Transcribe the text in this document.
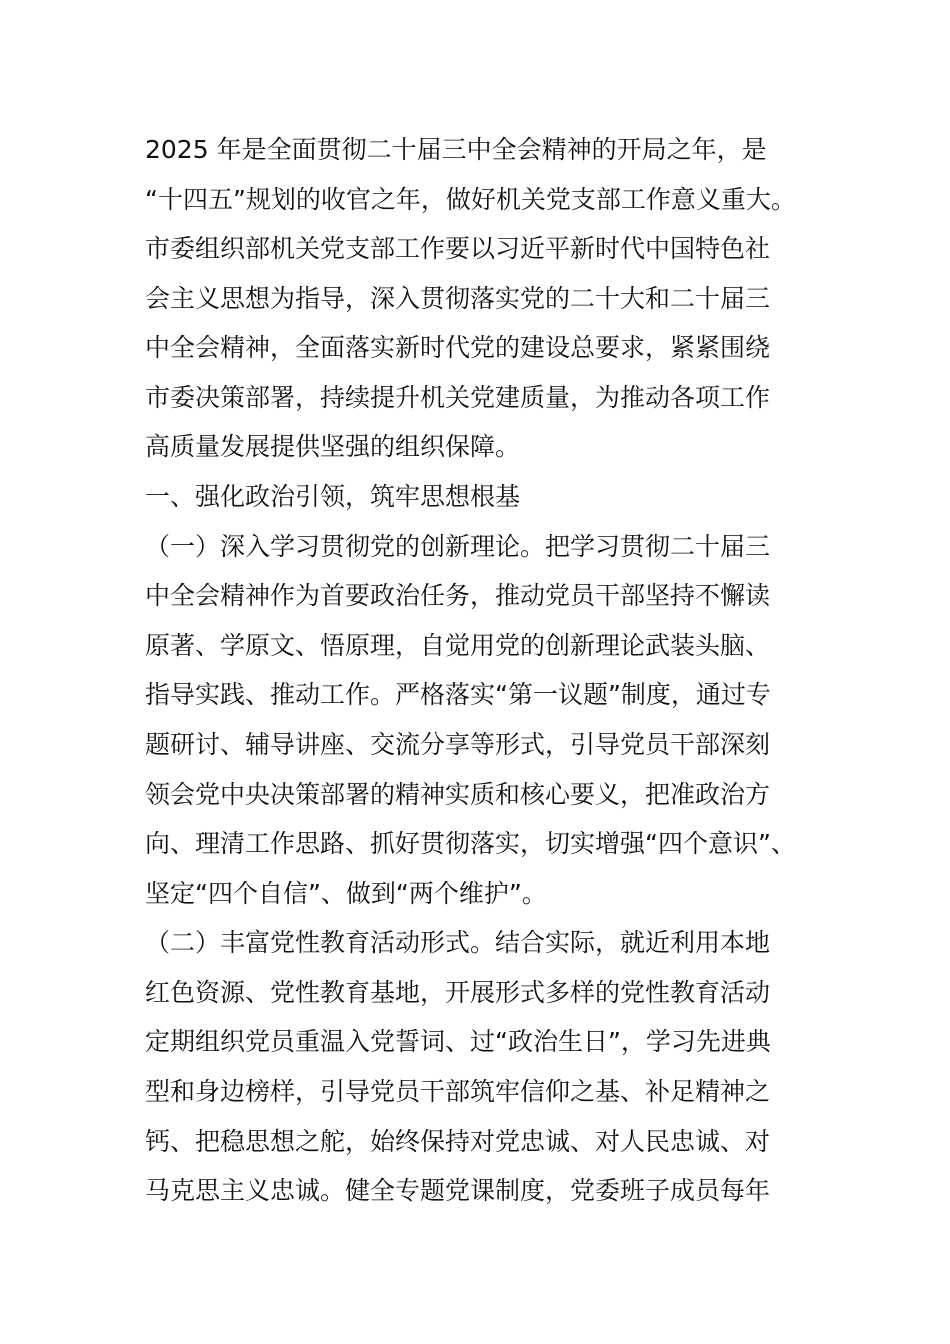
2025 年是全面贯彻二十届三中全会精神的开局之年，是
“十四五”规划的收官之年，做好机关党支部工作意义重大。
市委组织部机关党支部工作要以习近平新时代中国特色社
会主义思想为指导，深入贯彻落实党的二十大和二十届三
中全会精神，全面落实新时代党的建设总要求，紧紧围绕
市委决策部署，持续提升机关党建质量，为推动各项工作
高质量发展提供坚强的组织保障。
一、强化政治引领，筑牢思想根基
（一）深入学习贯彻党的创新理论。把学习贯彻二十届三
中全会精神作为首要政治任务，推动党员干部坚持不懈读
原著、学原文、悟原理，自觉用党的创新理论武装头脑、
指导实践、推动工作。严格落实“第一议题”制度，通过专
题研讨、辅导讲座、交流分享等形式，引导党员干部深刻
领会党中央决策部署的精神实质和核心要义，把准政治方
向、理清工作思路、抓好贯彻落实，切实增强“四个意识”、
坚定“四个自信”、做到“两个维护”。
（二）丰富党性教育活动形式。结合实际，就近利用本地
红色资源、党性教育基地，开展形式多样的党性教育活动
定期组织党员重温入党誓词、过“政治生日”，学习先进典
型和身边榜样，引导党员干部筑牢信仰之基、补足精神之
钙、把稳思想之舵，始终保持对党忠诚、对人民忠诚、对
马克思主义忠诚。健全专题党课制度，党委班子成员每年
